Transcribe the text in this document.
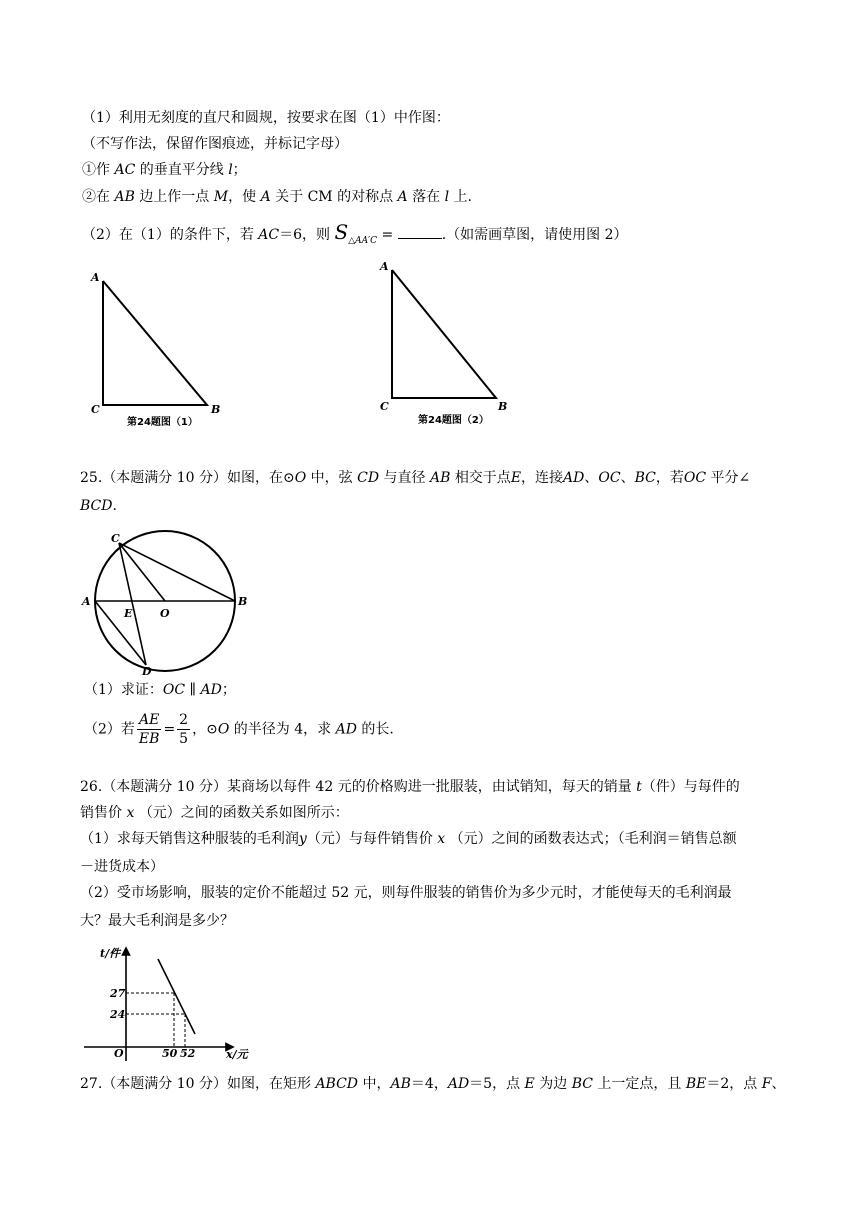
（1）利用无刻度的直尺和圆规，按要求在图（1）中作图：
（不写作法，保留作图痕迹，并标记字母）
①作 AC 的垂直平分线 l；
②在 AB 边上作一点 M，使 A 关于 CM 的对称点 A 落在 l 上.
（2）在（1）的条件下，若 AC＝6，则 $S_{\triangle AA'C}$ =	.（如需画草图，请使用图 2）
A
C	B
第24题图（1）
A
C	B
第24题图（2）
25.（本题满分 10 分）如图，在⊙O 中，弦 CD 与直径 AB 相交于点E，连接AD、OC、BC，若OC 平分∠
BCD.
C
A
E	O
B
D
（1）求证：OC ∥ AD；
（2）若 $\frac{AE}{EB} = \frac{2}{5}$ ，⊙O 的半径为 4，求 AD 的长.
26.（本题满分 10 分）某商场以每件 42 元的价格购进一批服装，由试销知，每天的销量 t（件）与每件的
销售价 x （元）之间的函数关系如图所示：
（1）求每天销售这种服装的毛利润y（元）与每件销售价 x （元）之间的函数表达式；（毛利润＝销售总额
－进货成本）
（2）受市场影响，服装的定价不能超过 52 元，则每件服装的销售价为多少元时，才能使每天的毛利润最
大？最大毛利润是多少？
t/件
x/元
O
27
24
50 52
27.（本题满分 10 分）如图，在矩形 ABCD 中，AB＝4，AD＝5，点 E 为边 BC 上一定点，且 BE＝2，点 F、
